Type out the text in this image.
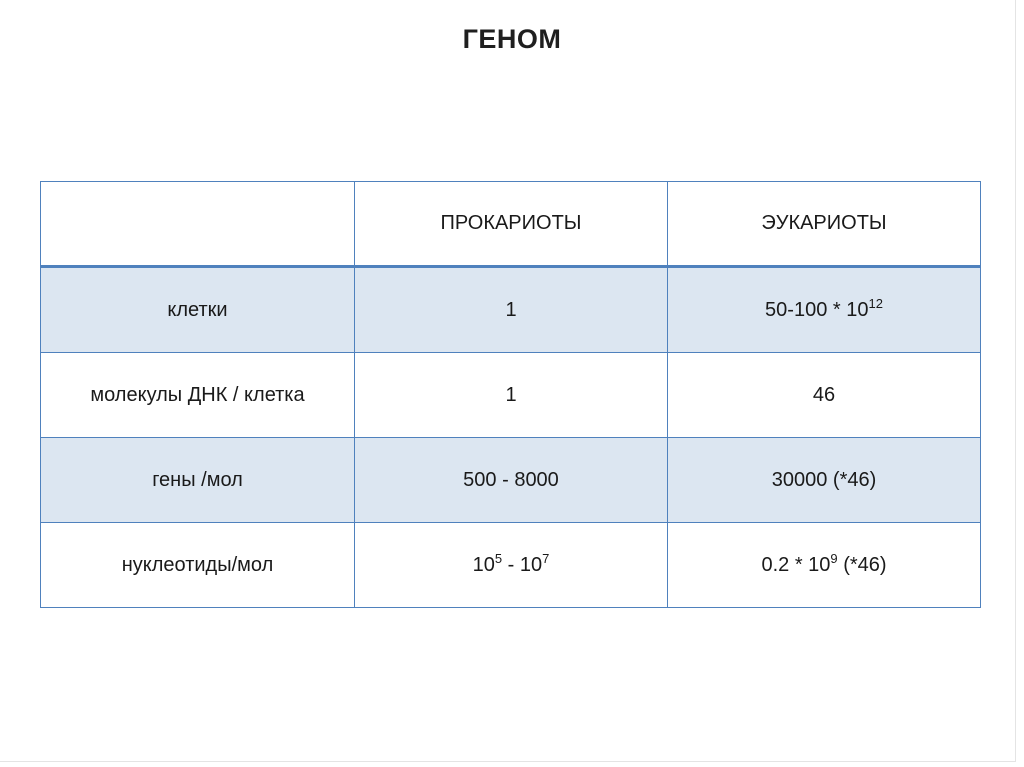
ГЕНОМ
	ПРОКАРИОТЫ	ЭУКАРИОТЫ
клетки	1	$50-100 * 10^{12}$
молекулы ДНК / клетка	1	46
гены /мол	500 - 8000	30000 (*46)
нуклеотиды/мол	$10^5 - 10^7$	$0.2 * 10^9$ (*46)
